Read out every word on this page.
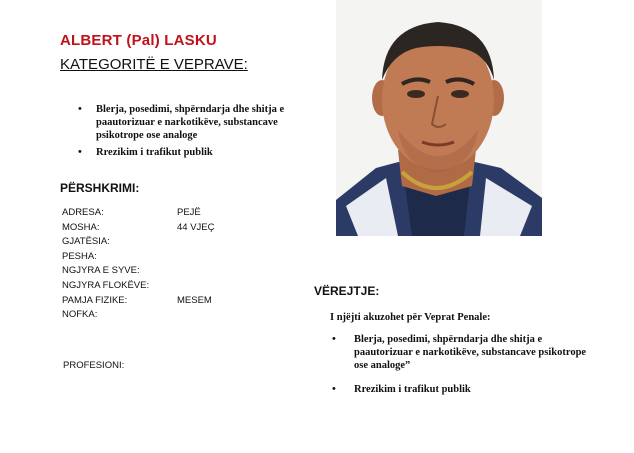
ALBERT (Pal) LASKU
KATEGORITË E VEPRAVE:
• Blerja, posedimi, shpërndarja dhe shitja e paautorizuar e narkotikëve, substancave psikotrope ose analoge
• Rrezikim i trafikut publik
PËRSHKRIMI:
ADRESA:	PEJË
MOSHA:	44 VJEÇ
GJATËSIA:
PESHA:
NGJYRA E SYVE:
NGJYRA FLOKËVE:
PAMJA FIZIKE:	MESEM
NOFKA:
PROFESIONI:
VËREJTJE:
I njëjti akuzohet për Veprat Penale:
• Blerja, posedimi, shpërndarja dhe shitja e paautorizuar e narkotikëve, substancave psikotrope ose analoge”
• Rrezikim i trafikut publik
